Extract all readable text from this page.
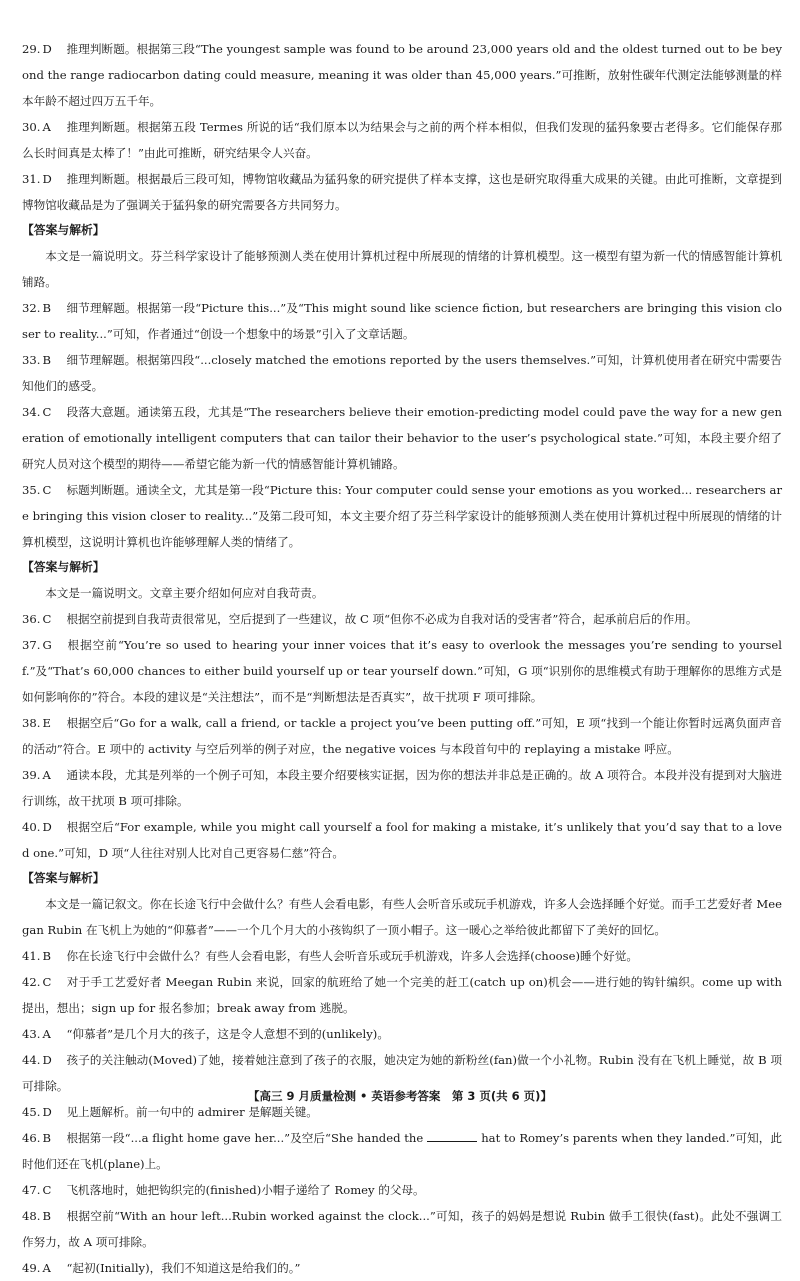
29. D 推理判断题。根据第三段“The youngest sample was found to be around 23,000 years old and the oldest turned out to be beyond the range radiocarbon dating could measure, meaning it was older than 45,000 years.”可推断，放射性碳年代测定法能够测量的样本年龄不超过四万五千年。

30. A 推理判断题。根据第五段 Termes 所说的话“我们原本以为结果会与之前的两个样本相似，但我们发现的猛犸象要古老得多。它们能保存那么长时间真是太棒了！”由此可推断，研究结果令人兴奋。

31. D 推理判断题。根据最后三段可知，博物馆收藏品为猛犸象的研究提供了样本支撑，这也是研究取得重大成果的关键。由此可推断，文章提到博物馆收藏品是为了强调关于猛犸象的研究需要各方共同努力。

【答案与解析】

本文是一篇说明文。芬兰科学家设计了能够预测人类在使用计算机过程中所展现的情绪的计算机模型。这一模型有望为新一代的情感智能计算机铺路。

32. B 细节理解题。根据第一段“Picture this...”及“This might sound like science fiction, but researchers are bringing this vision closer to reality...”可知，作者通过“创设一个想象中的场景”引入了文章话题。

33. B 细节理解题。根据第四段“...closely matched the emotions reported by the users themselves.”可知，计算机使用者在研究中需要告知他们的感受。

34. C 段落大意题。通读第五段，尤其是“The researchers believe their emotion-predicting model could pave the way for a new generation of emotionally intelligent computers that can tailor their behavior to the user’s psychological state.”可知，本段主要介绍了研究人员对这个模型的期待——希望它能为新一代的情感智能计算机铺路。

35. C 标题判断题。通读全文，尤其是第一段“Picture this: Your computer could sense your emotions as you worked... researchers are bringing this vision closer to reality...”及第二段可知，本文主要介绍了芬兰科学家设计的能够预测人类在使用计算机过程中所展现的情绪的计算机模型，这说明计算机也许能够理解人类的情绪了。

【答案与解析】

本文是一篇说明文。文章主要介绍如何应对自我苛责。

36. C 根据空前提到自我苛责很常见，空后提到了一些建议，故 C 项“但你不必成为自我对话的受害者”符合，起承前启后的作用。

37. G 根据空前“You’re so used to hearing your inner voices that it’s easy to overlook the messages you’re sending to yourself.”及“That’s 60,000 chances to either build yourself up or tear yourself down.”可知，G 项“识别你的思维模式有助于理解你的思维方式是如何影响你的”符合。本段的建议是“关注想法”，而不是“判断想法是否真实”，故干扰项 F 项可排除。

38. E 根据空后“Go for a walk, call a friend, or tackle a project you’ve been putting off.”可知，E 项“找到一个能让你暂时远离负面声音的活动”符合。E 项中的 activity 与空后列举的例子对应，the negative voices 与本段首句中的 replaying a mistake 呼应。

39. A 通读本段，尤其是列举的一个例子可知，本段主要介绍要核实证据，因为你的想法并非总是正确的。故 A 项符合。本段并没有提到对大脑进行训练，故干扰项 B 项可排除。

40. D 根据空后“For example, while you might call yourself a fool for making a mistake, it’s unlikely that you’d say that to a loved one.”可知，D 项“人往往对别人比对自己更容易仁慈”符合。

【答案与解析】

本文是一篇记叙文。你在长途飞行中会做什么？有些人会看电影，有些人会听音乐或玩手机游戏，许多人会选择睡个好觉。而手工艺爱好者 Meegan Rubin 在飞机上为她的“仰慕者”——一个几个月大的小孩钩织了一顶小帽子。这一暖心之举给彼此都留下了美好的回忆。

41. B 你在长途飞行中会做什么？有些人会看电影，有些人会听音乐或玩手机游戏，许多人会选择(choose)睡个好觉。

42. C 对于手工艺爱好者 Meegan Rubin 来说，回家的航班给了她一个完美的赶工(catch up on)机会——进行她的钩针编织。come up with 提出，想出；sign up for 报名参加；break away from 逃脱。

43. A “仰慕者”是几个月大的孩子，这是令人意想不到的(unlikely)。

44. D 孩子的关注触动(Moved)了她，接着她注意到了孩子的衣服，她决定为她的新粉丝(fan)做一个小礼物。Rubin 没有在飞机上睡觉，故 B 项可排除。

45. D 见上题解析。前一句中的 admirer 是解题关键。

46. B 根据第一段“...a flight home gave her...”及空后“She handed the	hat to Romey’s parents when they landed.”可知，此时他们还在飞机(plane)上。

47. C 飞机落地时，她把钩织完的(finished)小帽子递给了 Romey 的父母。

48. B 根据空前“With an hour left...Rubin worked against the clock...”可知，孩子的妈妈是想说 Rubin 做手工很快(fast)。此处不强调工作努力，故 A 项可排除。

49. A “起初(Initially)，我们不知道这是给我们的。”

【高三 9 月质量检测 • 英语参考答案　第 3 页(共 6 页)】
